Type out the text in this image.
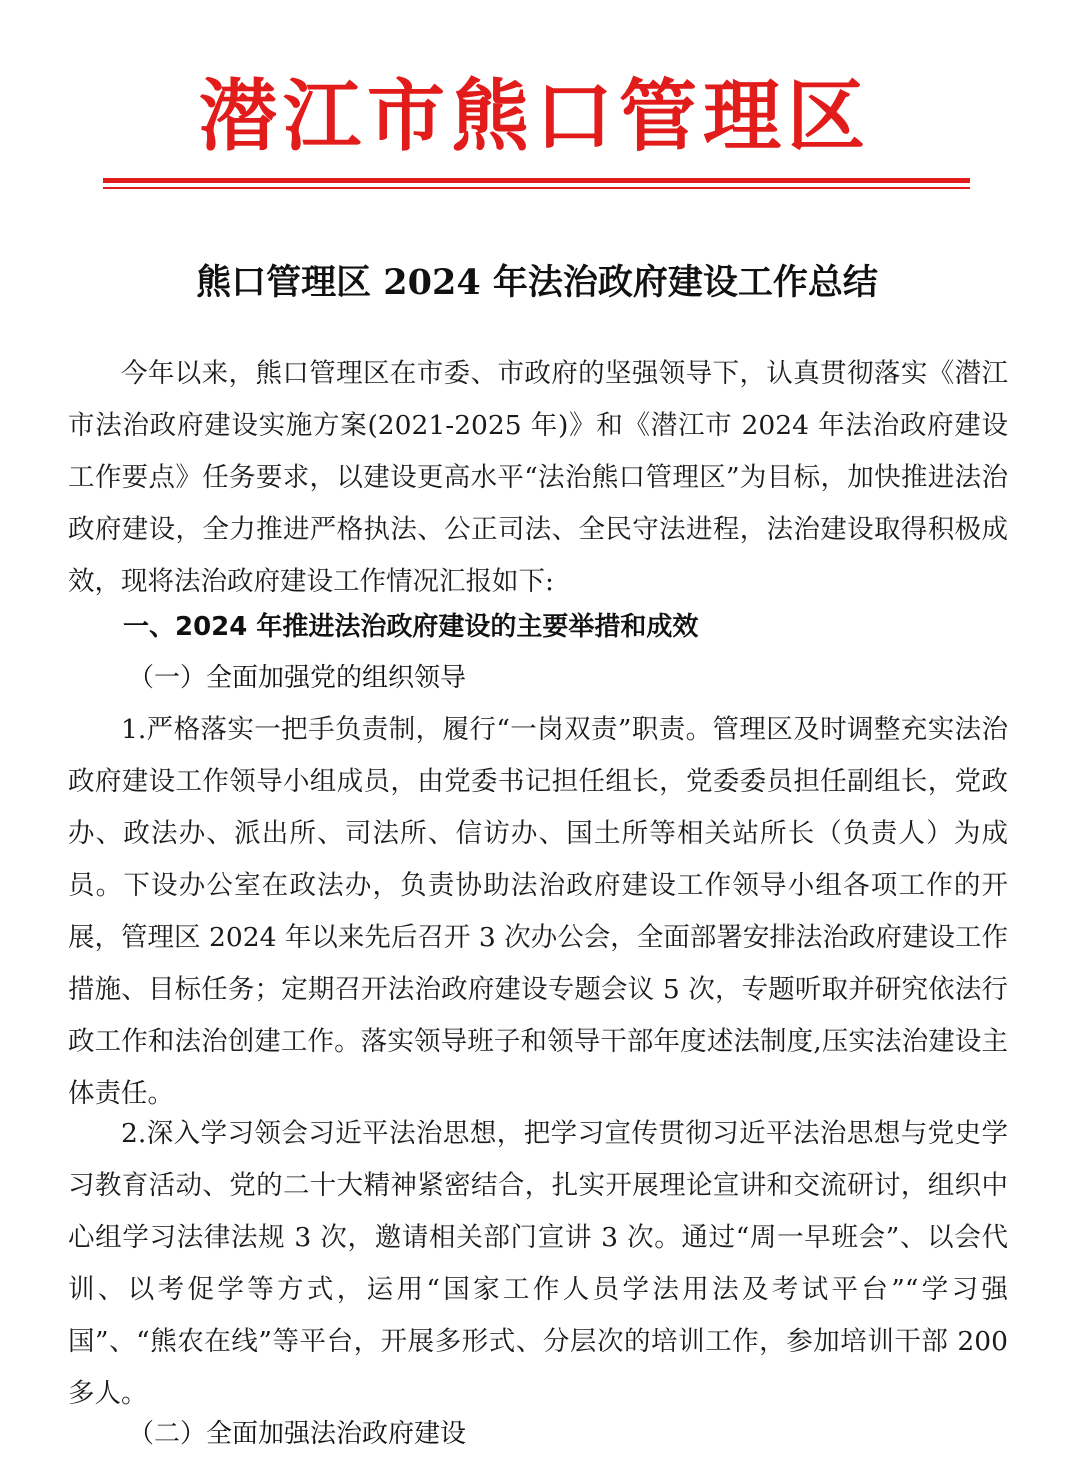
潜江市熊口管理区
熊口管理区 2024 年法治政府建设工作总结

今年以来，熊口管理区在市委、市政府的坚强领导下，认真贯彻落实《潜江市法治政府建设实施方案(2021-2025 年)》和《潜江市 2024 年法治政府建设工作要点》任务要求，以建设更高水平“法治熊口管理区”为目标，加快推进法治政府建设，全力推进严格执法、公正司法、全民守法进程，法治建设取得积极成效，现将法治政府建设工作情况汇报如下:

一、2024 年推进法治政府建设的主要举措和成效

（一）全面加强党的组织领导

1.严格落实一把手负责制，履行“一岗双责”职责。管理区及时调整充实法治政府建设工作领导小组成员，由党委书记担任组长，党委委员担任副组长，党政办、政法办、派出所、司法所、信访办、国土所等相关站所长（负责人）为成员。下设办公室在政法办，负责协助法治政府建设工作领导小组各项工作的开展，管理区 2024 年以来先后召开 3 次办公会，全面部署安排法治政府建设工作措施、目标任务；定期召开法治政府建设专题会议 5 次，专题听取并研究依法行政工作和法治创建工作。落实领导班子和领导干部年度述法制度,压实法治建设主体责任。

2.深入学习领会习近平法治思想，把学习宣传贯彻习近平法治思想与党史学习教育活动、党的二十大精神紧密结合，扎实开展理论宣讲和交流研讨，组织中心组学习法律法规 3 次，邀请相关部门宣讲 3 次。通过“周一早班会”、以会代训、以考促学等方式，运用“国家工作人员学法用法及考试平台”“学习强国”、“熊农在线”等平台，开展多形式、分层次的培训工作，参加培训干部 200 多人。

（二）全面加强法治政府建设
